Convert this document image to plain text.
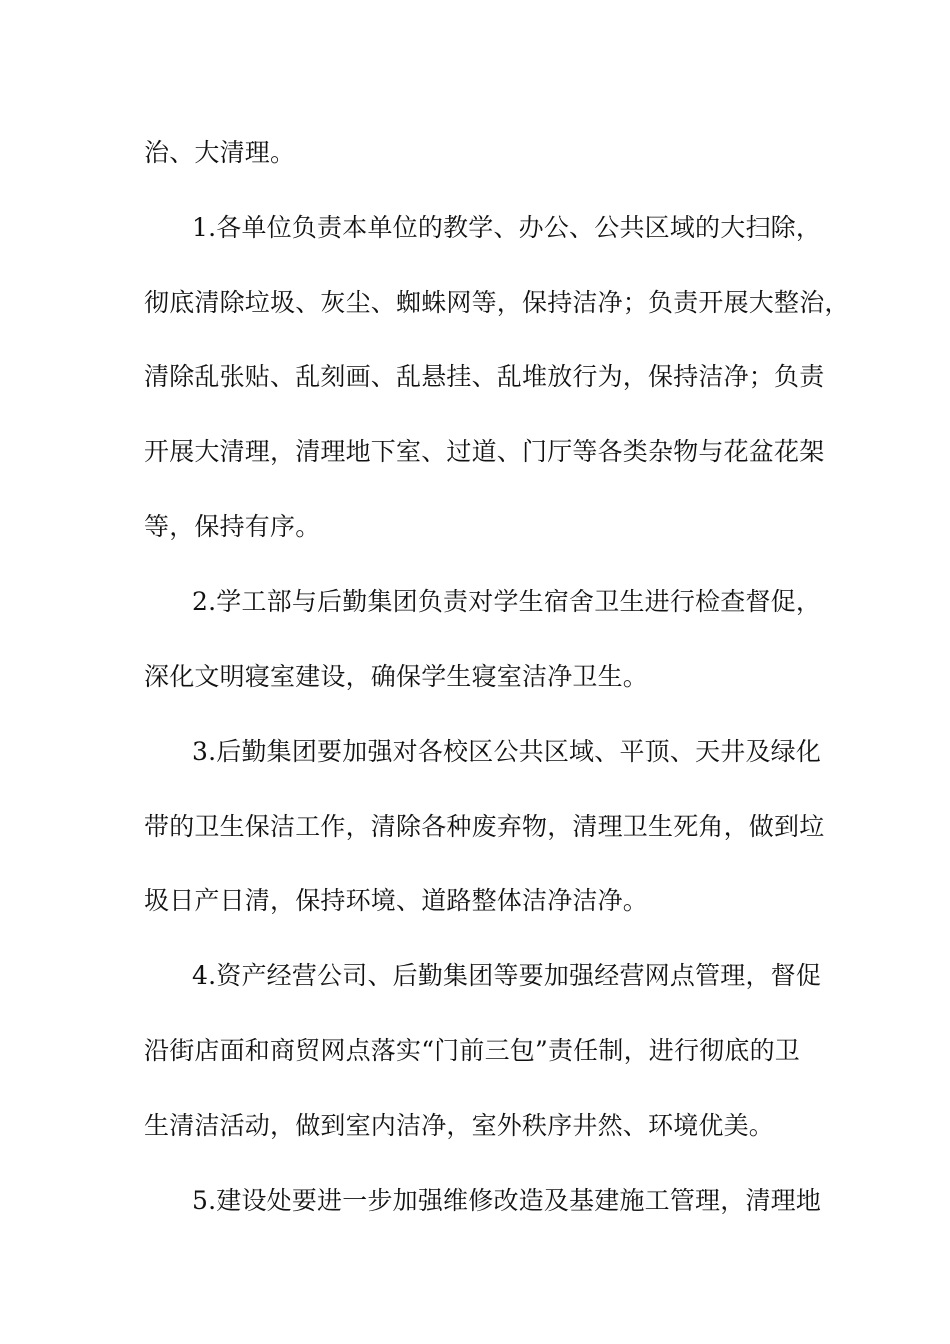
治、大清理。
1.各单位负责本单位的教学、办公、公共区域的大扫除，
彻底清除垃圾、灰尘、蜘蛛网等，保持洁净；负责开展大整治，
清除乱张贴、乱刻画、乱悬挂、乱堆放行为，保持洁净；负责
开展大清理，清理地下室、过道、门厅等各类杂物与花盆花架
等，保持有序。
2.学工部与后勤集团负责对学生宿舍卫生进行检查督促，
深化文明寝室建设，确保学生寝室洁净卫生。
3.后勤集团要加强对各校区公共区域、平顶、天井及绿化
带的卫生保洁工作，清除各种废弃物，清理卫生死角，做到垃
圾日产日清，保持环境、道路整体洁净洁净。
4.资产经营公司、后勤集团等要加强经营网点管理，督促
沿街店面和商贸网点落实“门前三包”责任制，进行彻底的卫
生清洁活动，做到室内洁净，室外秩序井然、环境优美。
5.建设处要进一步加强维修改造及基建施工管理，清理地
